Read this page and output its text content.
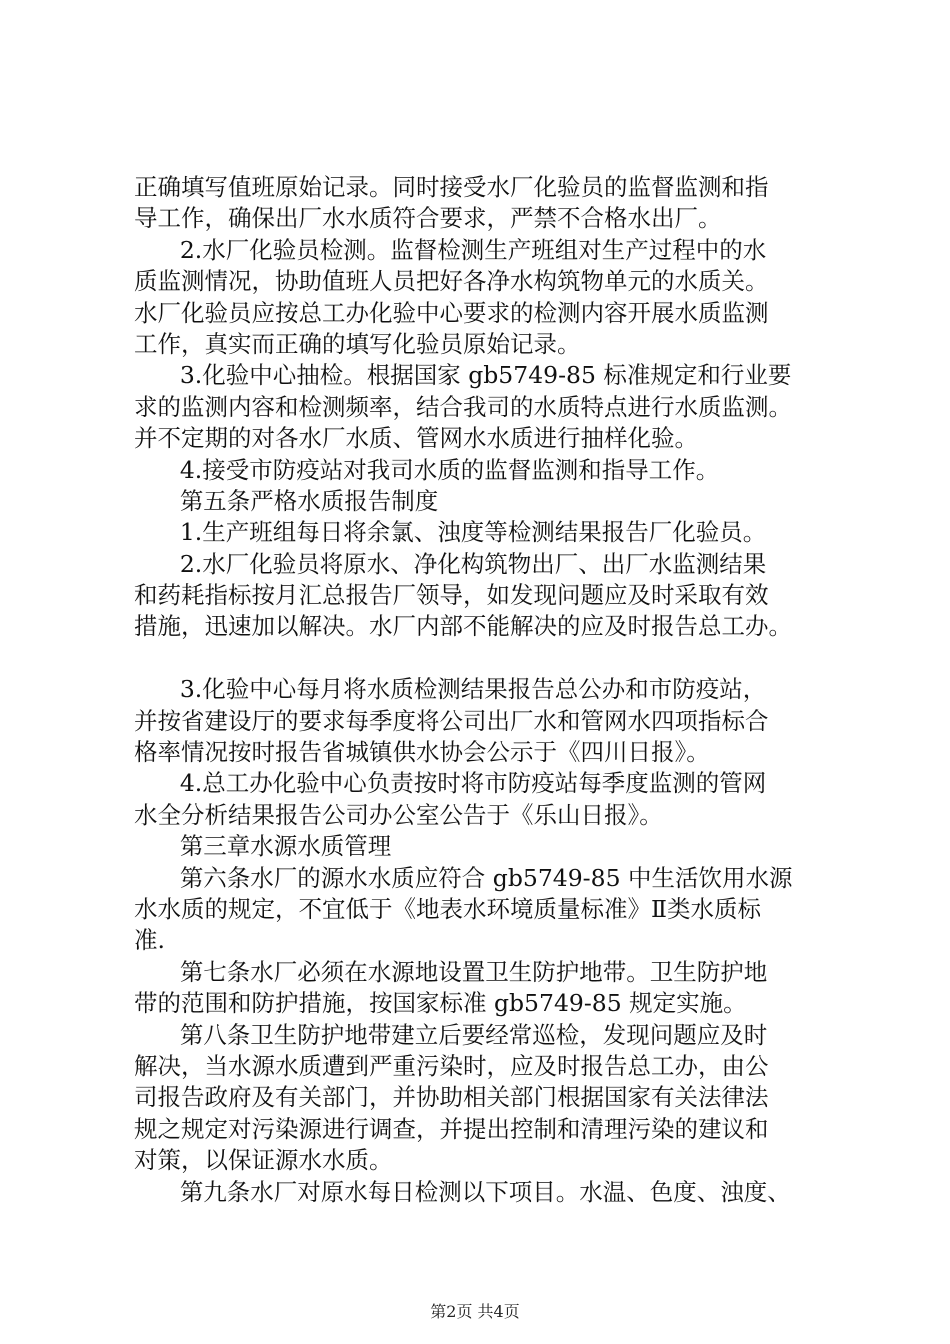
正确填写值班原始记录。同时接受水厂化验员的监督监测和指
导工作，确保出厂水水质符合要求，严禁不合格水出厂。
2.水厂化验员检测。监督检测生产班组对生产过程中的水
质监测情况，协助值班人员把好各净水构筑物单元的水质关。
水厂化验员应按总工办化验中心要求的检测内容开展水质监测
工作，真实而正确的填写化验员原始记录。
3.化验中心抽检。根据国家 gb5749-85 标准规定和行业要
求的监测内容和检测频率，结合我司的水质特点进行水质监测。
并不定期的对各水厂水质、管网水水质进行抽样化验。
4.接受市防疫站对我司水质的监督监测和指导工作。
第五条严格水质报告制度
1.生产班组每日将余氯、浊度等检测结果报告厂化验员。
2.水厂化验员将原水、净化构筑物出厂、出厂水监测结果
和药耗指标按月汇总报告厂领导，如发现问题应及时采取有效
措施，迅速加以解决。水厂内部不能解决的应及时报告总工办。
3.化验中心每月将水质检测结果报告总公办和市防疫站，
并按省建设厅的要求每季度将公司出厂水和管网水四项指标合
格率情况按时报告省城镇供水协会公示于《四川日报》。
4.总工办化验中心负责按时将市防疫站每季度监测的管网
水全分析结果报告公司办公室公告于《乐山日报》。
第三章水源水质管理
第六条水厂的源水水质应符合 gb5749-85 中生活饮用水源
水水质的规定，不宜低于《地表水环境质量标准》Ⅱ类水质标
准.
第七条水厂必须在水源地设置卫生防护地带。卫生防护地
带的范围和防护措施，按国家标准 gb5749-85 规定实施。
第八条卫生防护地带建立后要经常巡检，发现问题应及时
解决，当水源水质遭到严重污染时，应及时报告总工办，由公
司报告政府及有关部门，并协助相关部门根据国家有关法律法
规之规定对污染源进行调查，并提出控制和清理污染的建议和
对策，以保证源水水质。
第九条水厂对原水每日检测以下项目。水温、色度、浊度、
第2页 共4页
